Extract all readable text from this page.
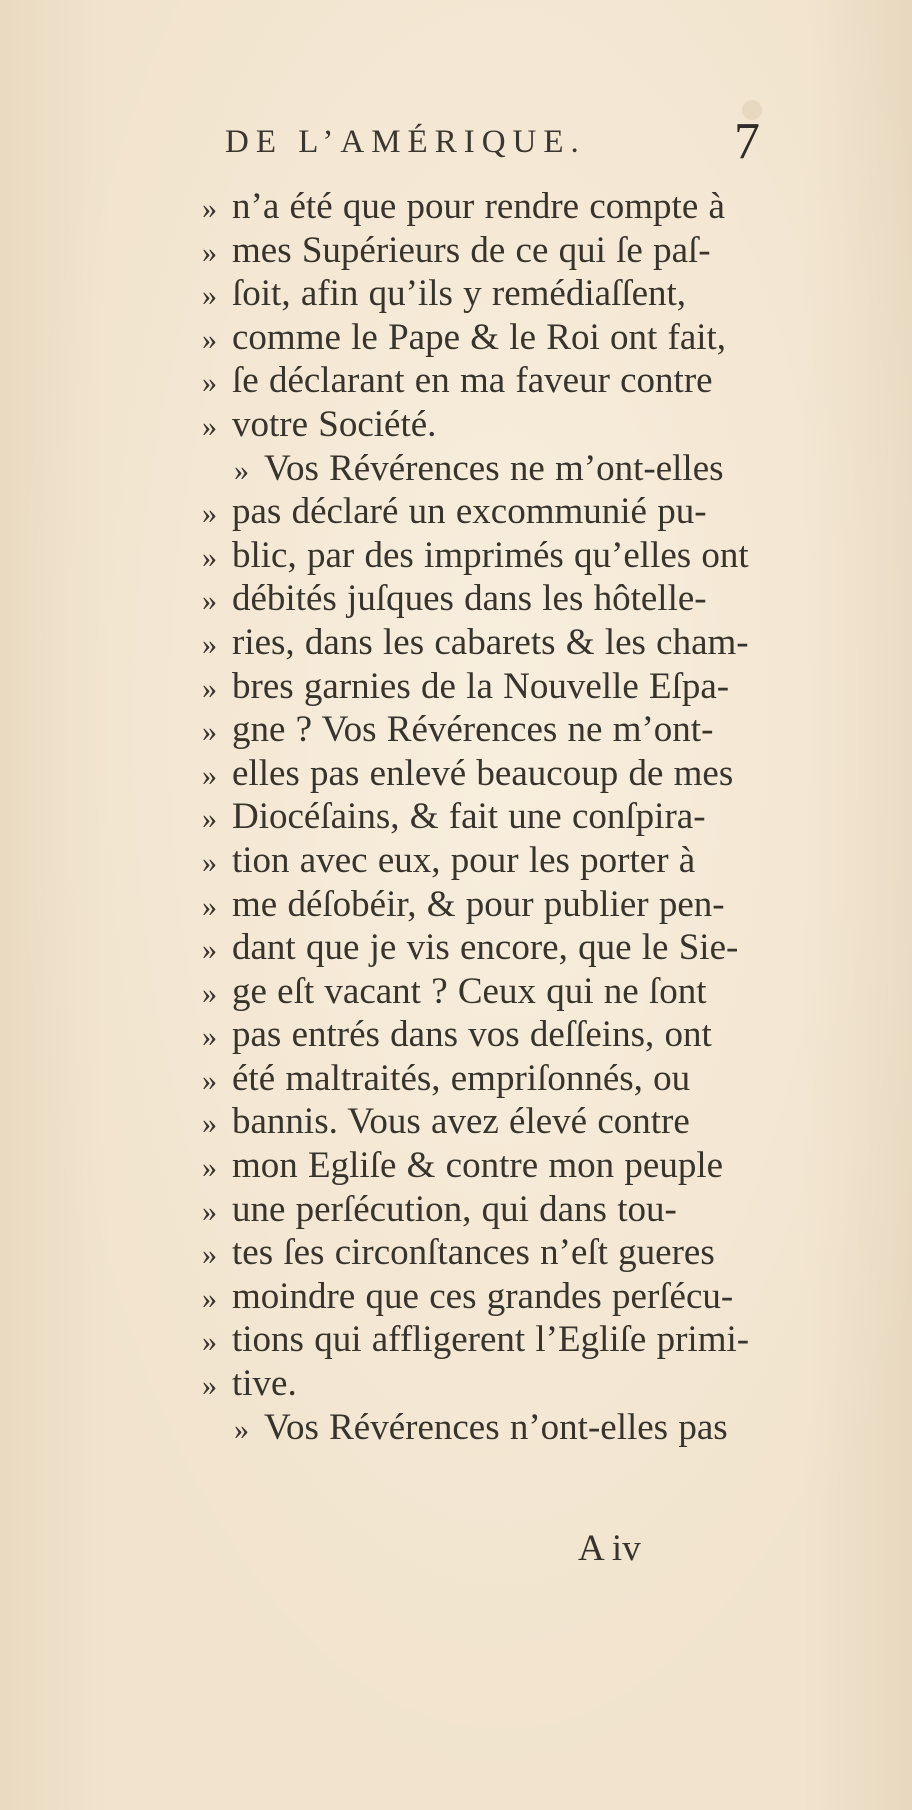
DE L’AMÉRIQUE.	7
» n’a été que pour rendre compte à
» mes Supérieurs de ce qui ſe paſ-
» ſoit, afin qu’ils y remédiaſſent,
» comme le Pape & le Roi ont fait,
» ſe déclarant en ma faveur contre
» votre Société.
» Vos Révérences ne m’ont-elles
» pas déclaré un excommunié pu-
» blic, par des imprimés qu’elles ont
» débités juſques dans les hôtelle-
» ries, dans les cabarets & les cham-
» bres garnies de la Nouvelle Eſpa-
» gne ? Vos Révérences ne m’ont-
» elles pas enlevé beaucoup de mes
» Diocéſains, & fait une conſpira-
» tion avec eux, pour les porter à
» me déſobéir, & pour publier pen-
» dant que je vis encore, que le Sie-
» ge eſt vacant ? Ceux qui ne ſont
» pas entrés dans vos deſſeins, ont
» été maltraités, empriſonnés, ou
» bannis. Vous avez élevé contre
» mon Egliſe & contre mon peuple
» une perſécution, qui dans tou-
» tes ſes circonſtances n’eſt gueres
» moindre que ces grandes perſécu-
» tions qui affligerent l’Egliſe primi-
» tive.
» Vos Révérences n’ont-elles pas
A iv
